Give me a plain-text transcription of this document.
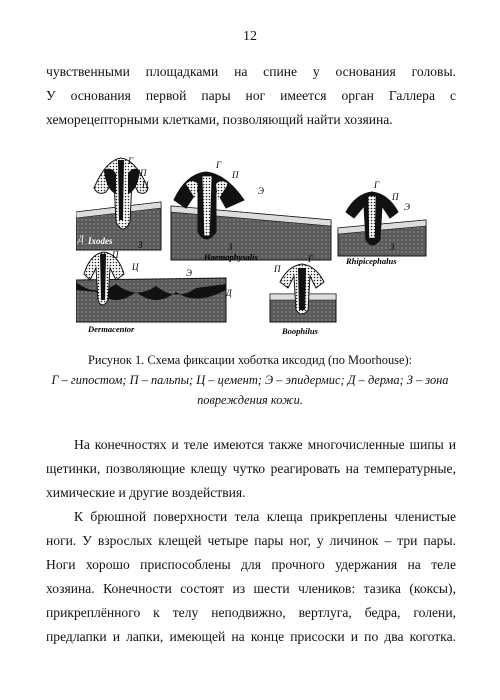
12
чувственными площадками на спине у основания головы.
У основания первой пары ног имеется орган Галлера с
хеморецепторными клетками, позволяющий найти хозяина.
Г
П
Ц
Д
З
Ixodes
Г
П
Э
З
Haemaphysalis
Г
П
Э
З
Rhipicephalus
П
Ц
Э
Д
Dermacentor
Г
П
Boophilus
Рисунок 1. Схема фиксации хоботка иксодид (по Moorhouse):
Г – гипостом; П – пальпы; Ц – цемент; Э – эпидермис; Д – дерма; З – зона
повреждения кожи.
На конечностях и теле имеются также многочисленные шипы и
щетинки, позволяющие клещу чутко реагировать на температурные,
химические и другие воздействия.
К брюшной поверхности тела клеща прикреплены членистые
ноги. У взрослых клещей четыре пары ног, у личинок – три пары.
Ноги хорошо приспособлены для прочного удержания на теле
хозяина. Конечности состоят из шести члеников: тазика (коксы),
прикреплённого к телу неподвижно, вертлуга, бедра, голени,
предлапки и лапки, имеющей на конце присоски и по два коготка.
